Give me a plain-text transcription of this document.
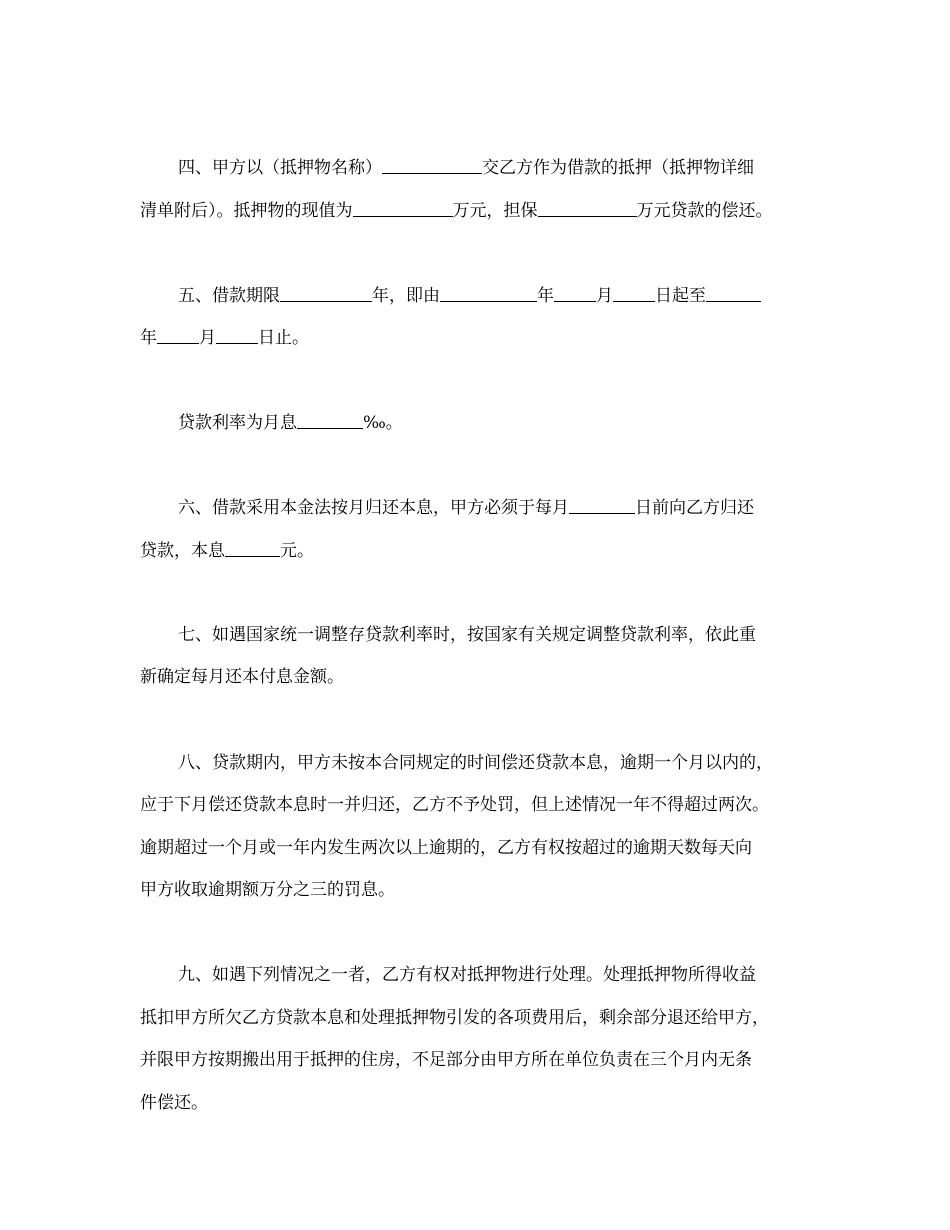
四、甲方以（抵押物名称）	交乙方作为借款的抵押（抵押物详细
清单附后）。抵押物的现值为	万元，担保	万元贷款的偿还。
五、借款期限	年，即由	年 月 日起至
年 月 日止。
贷款利率为月息	‰。
六、借款采用本金法按月归还本息，甲方必须于每月	日前向乙方归还
贷款，本息	元。
七、如遇国家统一调整存贷款利率时，按国家有关规定调整贷款利率，依此重
新确定每月还本付息金额。
八、贷款期内，甲方未按本合同规定的时间偿还贷款本息，逾期一个月以内的，
应于下月偿还贷款本息时一并归还，乙方不予处罚，但上述情况一年不得超过两次。
逾期超过一个月或一年内发生两次以上逾期的，乙方有权按超过的逾期天数每天向
甲方收取逾期额万分之三的罚息。
九、如遇下列情况之一者，乙方有权对抵押物进行处理。处理抵押物所得收益
抵扣甲方所欠乙方贷款本息和处理抵押物引发的各项费用后，剩余部分退还给甲方，
并限甲方按期搬出用于抵押的住房，不足部分由甲方所在单位负责在三个月内无条
件偿还。
